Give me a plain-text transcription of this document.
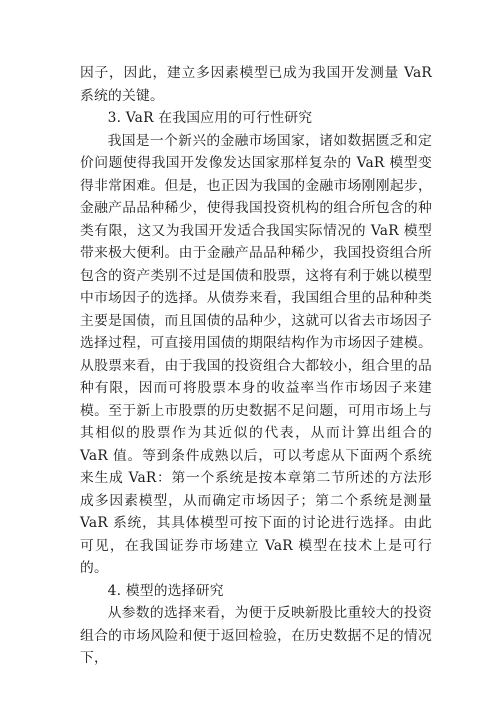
因子，因此，建立多因素模型已成为我国开发测量 VaR 系统的关键。

3. VaR 在我国应用的可行性研究

我国是一个新兴的金融市场国家，诸如数据匮乏和定价问题使得我国开发像发达国家那样复杂的 VaR 模型变得非常困难。但是，也正因为我国的金融市场刚刚起步，金融产品品种稀少，使得我国投资机构的组合所包含的种类有限，这又为我国开发适合我国实际情况的 VaR 模型带来极大便利。由于金融产品品种稀少，我国投资组合所包含的资产类别不过是国债和股票，这将有利于姚以模型中市场因子的选择。从债券来看，我国组合里的品种种类主要是国债，而且国债的品种少，这就可以省去市场因子选择过程，可直接用国债的期限结构作为市场因子建模。从股票来看，由于我国的投资组合大都较小，组合里的品种有限，因而可将股票本身的收益率当作市场因子来建模。至于新上市股票的历史数据不足问题，可用市场上与其相似的股票作为其近似的代表，从而计算出组合的 VaR 值。等到条件成熟以后，可以考虑从下面两个系统来生成 VaR：第一个系统是按本章第二节所述的方法形成多因素模型，从而确定市场因子；第二个系统是测量 VaR 系统，其具体模型可按下面的讨论进行选择。由此可见，在我国证券市场建立 VaR 模型在技术上是可行的。

4. 模型的选择研究

从参数的选择来看，为便于反映新股比重较大的投资组合的市场风险和便于返回检验，在历史数据不足的情况下，
